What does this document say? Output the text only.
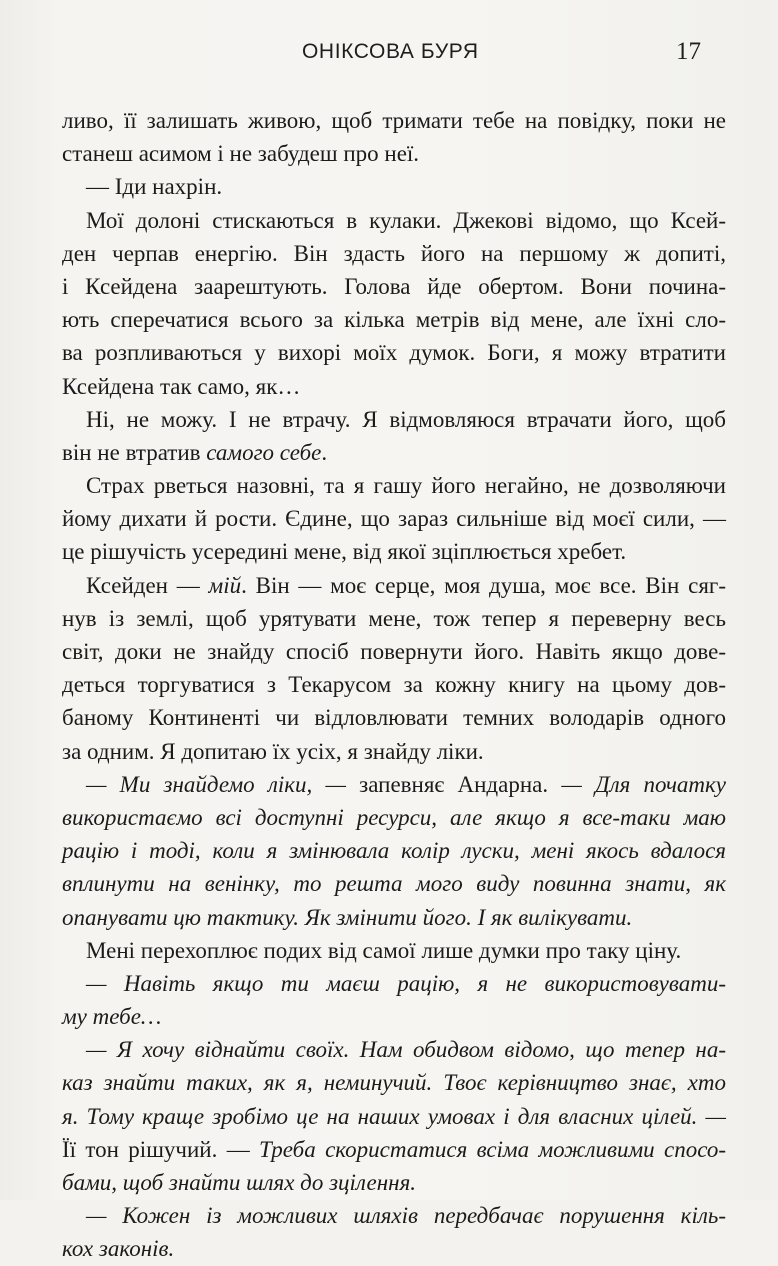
ОНІКСОВА БУРЯ	17
ливо, її залишать живою, щоб тримати тебе на повідку, поки не
станеш асимом і не забудеш про неї.
— Іди нахрін.
Мої долоні стискаються в кулаки. Джекові відомо, що Ксей-
ден черпав енергію. Він здасть його на першому ж допиті,
і Ксейдена заарештують. Голова йде обертом. Вони почина-
ють сперечатися всього за кілька метрів від мене, але їхні сло-
ва розпливаються у вихорі моїх думок. Боги, я можу втратити
Ксейдена так само, як…
Ні, не можу. І не втрачу. Я відмовляюся втрачати його, щоб
він не втратив самого себе.
Страх рветься назовні, та я гашу його негайно, не дозволяючи
йому дихати й рости. Єдине, що зараз сильніше від моєї сили, —
це рішучість усередині мене, від якої зціплюється хребет.
Ксейден — мій. Він — моє серце, моя душа, моє все. Він сяг-
нув із землі, щоб урятувати мене, тож тепер я переверну весь
світ, доки не знайду спосіб повернути його. Навіть якщо дове-
деться торгуватися з Текарусом за кожну книгу на цьому дов-
баному Континенті чи відловлювати темних володарів одного
за одним. Я допитаю їх усіх, я знайду ліки.
— Ми знайдемо ліки, — запевняє Андарна. — Для початку
використаємо всі доступні ресурси, але якщо я все-таки маю
рацію і тоді, коли я змінювала колір луски, мені якось вдалося
вплинути на венінку, то решта мого виду повинна знати, як
опанувати цю тактику. Як змінити його. І як вилікувати.
Мені перехоплює подих від самої лише думки про таку ціну.
— Навіть якщо ти маєш рацію, я не використовувати-
му тебе…
— Я хочу віднайти своїх. Нам обидвом відомо, що тепер на-
каз знайти таких, як я, неминучий. Твоє керівництво знає, хто
я. Тому краще зробімо це на наших умовах і для власних цілей. —
Її тон рішучий. — Треба скористатися всіма можливими спосо-
бами, щоб знайти шлях до зцілення.
— Кожен із можливих шляхів передбачає порушення кіль-
кох законів.
